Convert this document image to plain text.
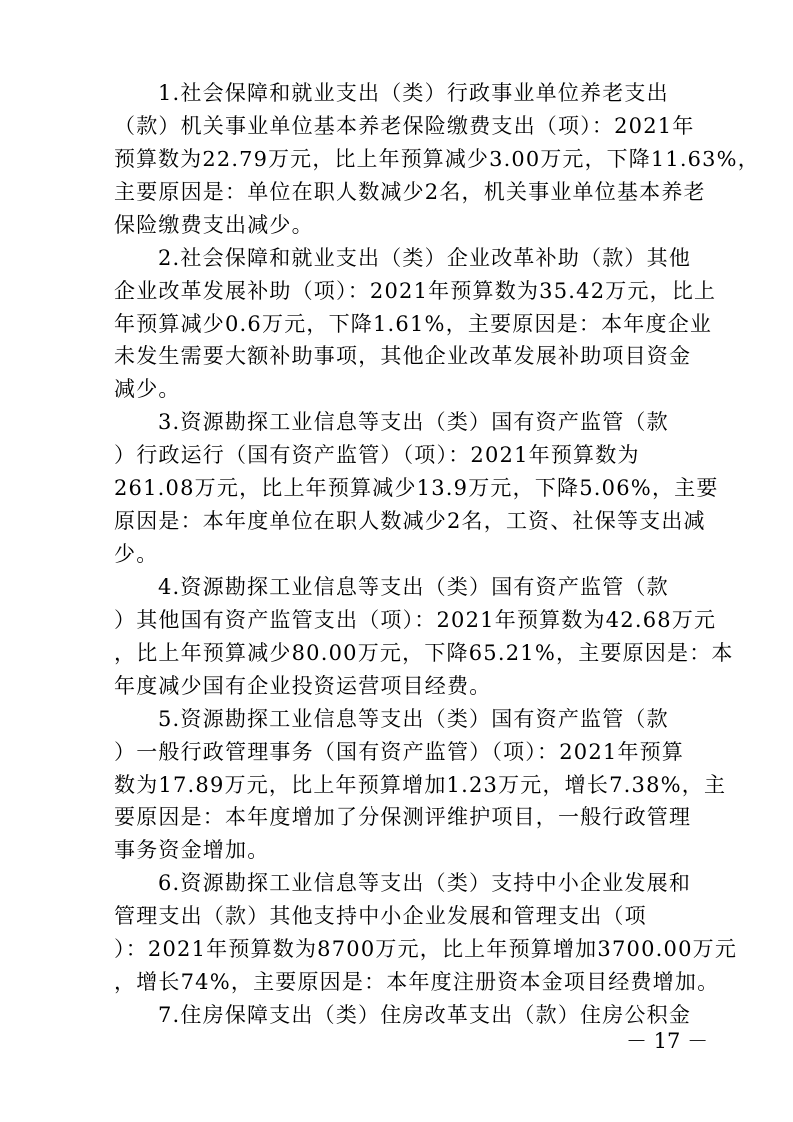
1.社会保障和就业支出（类）行政事业单位养老支出
（款）机关事业单位基本养老保险缴费支出（项）：2021年
预算数为22.79万元，比上年预算减少3.00万元，下降11.63%，
主要原因是：单位在职人数减少2名，机关事业单位基本养老
保险缴费支出减少。
2.社会保障和就业支出（类）企业改革补助（款）其他
企业改革发展补助（项）：2021年预算数为35.42万元，比上
年预算减少0.6万元，下降1.61%，主要原因是：本年度企业
未发生需要大额补助事项，其他企业改革发展补助项目资金
减少。
3.资源勘探工业信息等支出（类）国有资产监管（款
）行政运行（国有资产监管）（项）：2021年预算数为
261.08万元，比上年预算减少13.9万元，下降5.06%，主要
原因是：本年度单位在职人数减少2名，工资、社保等支出减
少。
4.资源勘探工业信息等支出（类）国有资产监管（款
）其他国有资产监管支出（项）：2021年预算数为42.68万元
，比上年预算减少80.00万元，下降65.21%，主要原因是：本
年度减少国有企业投资运营项目经费。
5.资源勘探工业信息等支出（类）国有资产监管（款
）一般行政管理事务（国有资产监管）（项）：2021年预算
数为17.89万元，比上年预算增加1.23万元，增长7.38%，主
要原因是：本年度增加了分保测评维护项目，一般行政管理
事务资金增加。
6.资源勘探工业信息等支出（类）支持中小企业发展和
管理支出（款）其他支持中小企业发展和管理支出（项
）：2021年预算数为8700万元，比上年预算增加3700.00万元
，增长74%，主要原因是：本年度注册资本金项目经费增加。
7.住房保障支出（类）住房改革支出（款）住房公积金
－ 17 －
